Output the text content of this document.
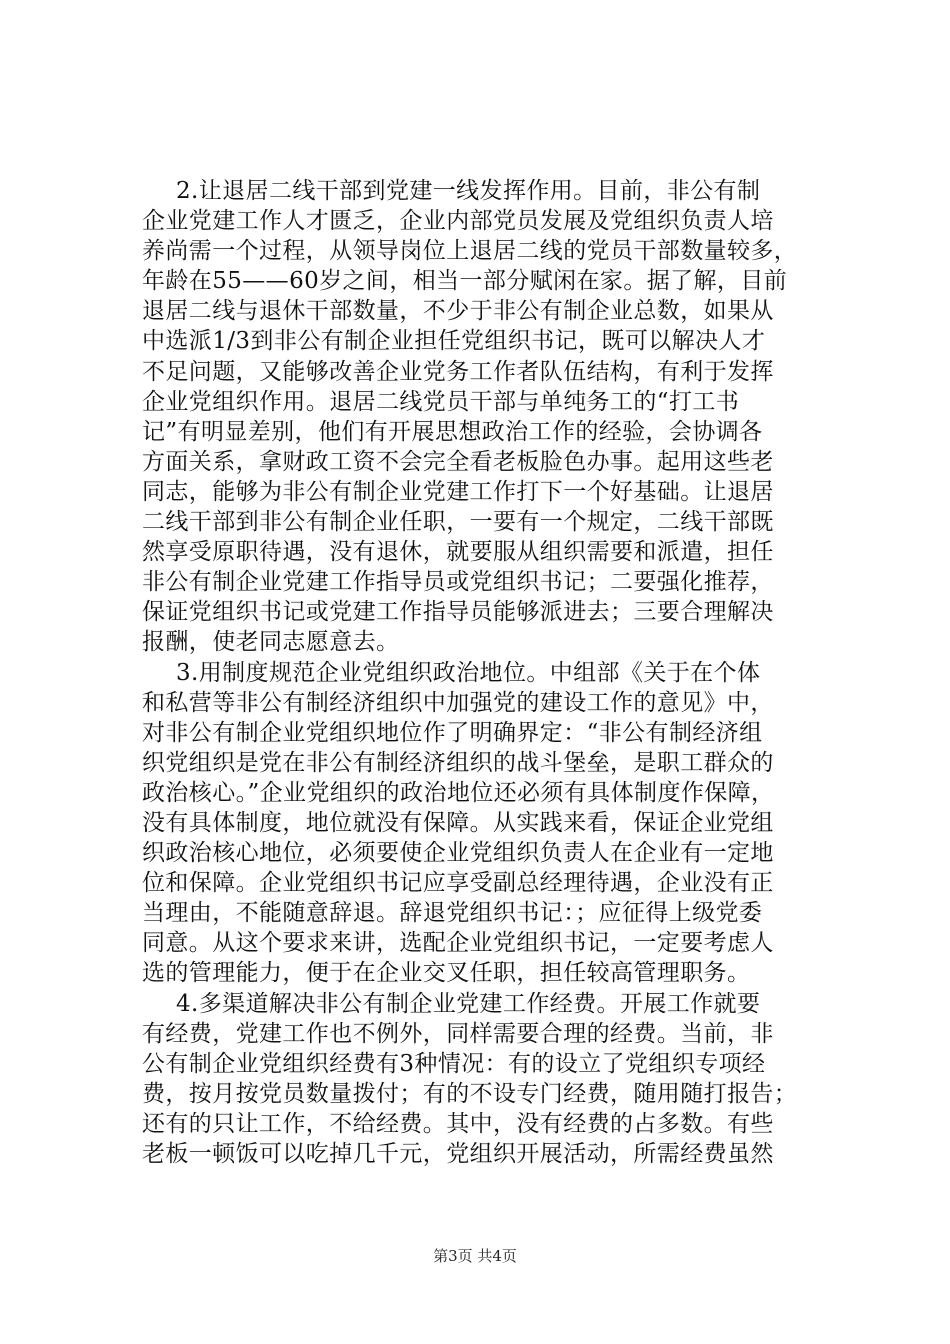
2.让退居二线干部到党建一线发挥作用。目前，非公有制
企业党建工作人才匮乏，企业内部党员发展及党组织负责人培
养尚需一个过程，从领导岗位上退居二线的党员干部数量较多，
年龄在55——60岁之间，相当一部分赋闲在家。据了解，目前
退居二线与退休干部数量，不少于非公有制企业总数，如果从
中选派1/3到非公有制企业担任党组织书记，既可以解决人才
不足问题，又能够改善企业党务工作者队伍结构，有利于发挥
企业党组织作用。退居二线党员干部与单纯务工的“打工书
记”有明显差别，他们有开展思想政治工作的经验，会协调各
方面关系，拿财政工资不会完全看老板脸色办事。起用这些老
同志，能够为非公有制企业党建工作打下一个好基础。让退居
二线干部到非公有制企业任职，一要有一个规定，二线干部既
然享受原职待遇，没有退休，就要服从组织需要和派遣，担任
非公有制企业党建工作指导员或党组织书记；二要强化推荐，
保证党组织书记或党建工作指导员能够派进去；三要合理解决
报酬，使老同志愿意去。
3.用制度规范企业党组织政治地位。中组部《关于在个体
和私营等非公有制经济组织中加强党的建设工作的意见》中，
对非公有制企业党组织地位作了明确界定：“非公有制经济组
织党组织是党在非公有制经济组织的战斗堡垒，是职工群众的
政治核心。”企业党组织的政治地位还必须有具体制度作保障，
没有具体制度，地位就没有保障。从实践来看，保证企业党组
织政治核心地位，必须要使企业党组织负责人在企业有一定地
位和保障。企业党组织书记应享受副总经理待遇，企业没有正
当理由，不能随意辞退。辞退党组织书记：；应征得上级党委
同意。从这个要求来讲，选配企业党组织书记，一定要考虑人
选的管理能力，便于在企业交叉任职，担任较高管理职务。
4.多渠道解决非公有制企业党建工作经费。开展工作就要
有经费，党建工作也不例外，同样需要合理的经费。当前，非
公有制企业党组织经费有3种情况：有的设立了党组织专项经
费，按月按党员数量拨付；有的不设专门经费，随用随打报告；
还有的只让工作，不给经费。其中，没有经费的占多数。有些
老板一顿饭可以吃掉几千元，党组织开展活动，所需经费虽然
第3页 共4页
